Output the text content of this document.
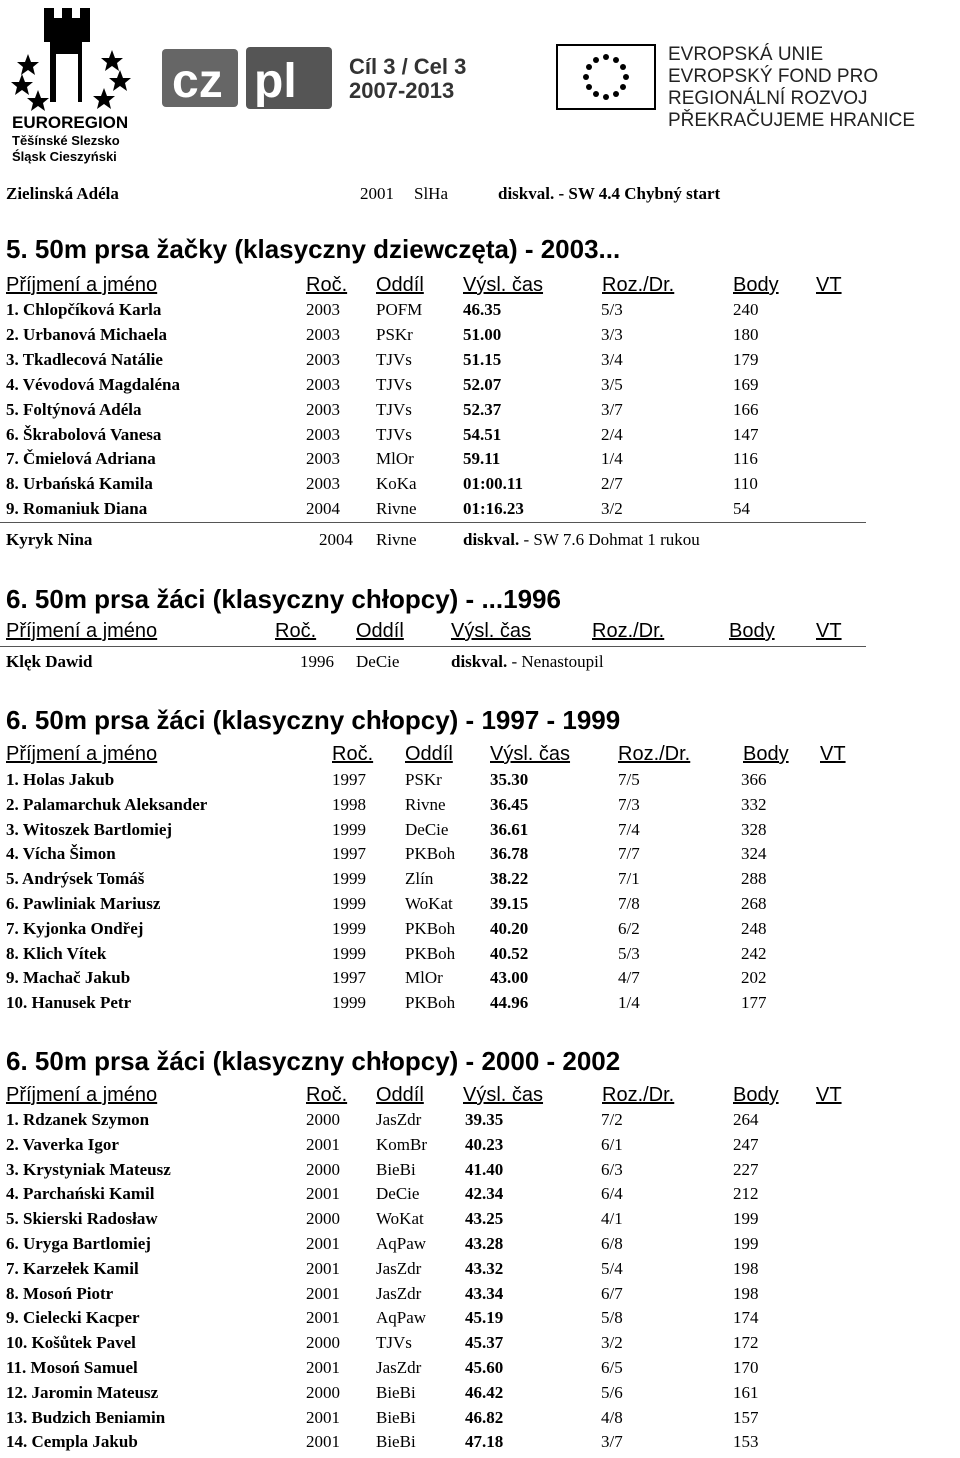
EUROREGION
Těšínské Slezsko
Śląsk Cieszyński
cz pl Cíl 3 / Cel 3
2007-2013
EVROPSKÁ UNIE
EVROPSKÝ FOND PRO REGIONÁLNÍ ROZVOJ
PŘEKRAČUJEME HRANICE
Zielinská Adéla	2001 SlHa	diskval. - SW 4.4 Chybný start
5. 50m prsa žačky (klasyczny dziewczęta) - 2003...
Příjmení a jméno	Roč. Oddíl Výsl. čas	Roz./Dr.	Body VT
1. Chlopčíková Karla	2003 POFM 46.35	5/3	240
2. Urbanová Michaela	2003 PSKr	51.00	3/3	180
3. Tkadlecová Natálie	2003 TJVs	51.15	3/4	179
4. Vévodová Magdaléna	2003 TJVs	52.07	3/5	169
5. Foltýnová Adéla	2003 TJVs	52.37	3/7	166
6. Škrabolová Vanesa	2003 TJVs	54.51	2/4	147
7. Čmielová Adriana	2003 MlOr	59.11	1/4	116
8. Urbańská Kamila	2003 KoKa	01:00.11	2/7	110
9. Romaniuk Diana	2004 Rivne	01:16.23	3/2	54
Kyryk Nina	2004 Rivne	diskval. - SW 7.6 Dohmat 1 rukou
6. 50m prsa žáci (klasyczny chłopcy) - ...1996
Příjmení a jméno	Roč. Oddíl Výsl. čas	Roz./Dr.	Body VT
Klęk Dawid	1996 DeCie	diskval. - Nenastoupil
6. 50m prsa žáci (klasyczny chłopcy) - 1997 - 1999
Příjmení a jméno	Roč. Oddíl Výsl. čas Roz./Dr.	Body VT
1. Holas Jakub	1997 PSKr	35.30	7/5	366
2. Palamarchuk Aleksander	1998 Rivne	36.45	7/3	332
3. Witoszek Bartlomiej	1999 DeCie 36.61	7/4	328
4. Vícha Šimon	1997 PKBoh 36.78	7/7	324
5. Andrýsek Tomáš	1999 Zlín	38.22	7/1	288
6. Pawliniak Mariusz	1999 WoKat 39.15	7/8	268
7. Kyjonka Ondřej	1999 PKBoh 40.20	6/2	248
8. Klich Vítek	1999 PKBoh 40.52	5/3	242
9. Machač Jakub	1997 MlOr	43.00	4/7	202
10. Hanusek Petr	1999 PKBoh 44.96	1/4	177
6. 50m prsa žáci (klasyczny chłopcy) - 2000 - 2002
Příjmení a jméno	Roč. Oddíl Výsl. čas	Roz./Dr.	Body VT
1. Rdzanek Szymon	2000 JasZdr	39.35	7/2	264
2. Vaverka Igor	2001 KomBr 40.23	6/1	247
3. Krystyniak Mateusz	2000 BieBi	41.40	6/3	227
4. Parchański Kamil	2001 DeCie	42.34	6/4	212
5. Skierski Radosław	2000 WoKat 43.25	4/1	199
6. Uryga Bartlomiej	2001 AqPaw 43.28	6/8	199
7. Karzełek Kamil	2001 JasZdr	43.32	5/4	198
8. Mosoń Piotr	2001 JasZdr	43.34	6/7	198
9. Cielecki Kacper	2001 AqPaw 45.19	5/8	174
10. Košůtek Pavel	2000 TJVs	45.37	3/2	172
11. Mosoń Samuel	2001 JasZdr	45.60	6/5	170
12. Jaromin Mateusz	2000 BieBi	46.42	5/6	161
13. Budzich Beniamin	2001 BieBi	46.82	4/8	157
14. Cempla Jakub	2001 BieBi	47.18	3/7	153
